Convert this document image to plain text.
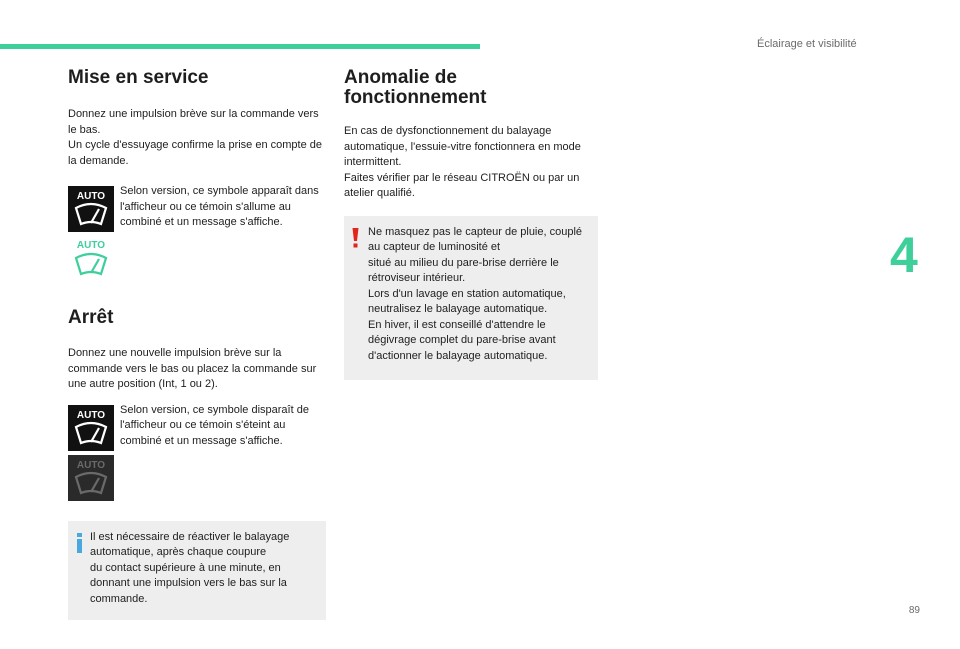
Éclairage et visibilité
4
89
Mise en service

Donnez une impulsion brève sur la commande vers le bas.
Un cycle d'essuyage confirme la prise en compte de la demande.

AUTO
AUTO
Selon version, ce symbole apparaît dans l'afficheur ou ce témoin s'allume au combiné et un message s'affiche.
Arrêt

Donnez une nouvelle impulsion brève sur la commande vers le bas ou placez la commande sur une autre position (Int, 1 ou 2).

AUTO
AUTO
Selon version, ce symbole disparaît de l'afficheur ou ce témoin s'éteint au combiné et un message s'affiche.
Il est nécessaire de réactiver le balayage automatique, après chaque coupure
du contact supérieure à une minute, en donnant une impulsion vers le bas sur la commande.
Anomalie de fonctionnement

En cas de dysfonctionnement du balayage automatique, l'essuie-vitre fonctionnera en mode intermittent.
Faites vérifier par le réseau CITROËN ou par un atelier qualifié.

Ne masquez pas le capteur de pluie, couplé au capteur de luminosité et
situé au milieu du pare-brise derrière le rétroviseur intérieur.
Lors d'un lavage en station automatique, neutralisez le balayage automatique.
En hiver, il est conseillé d'attendre le dégivrage complet du pare-brise avant d'actionner le balayage automatique.
